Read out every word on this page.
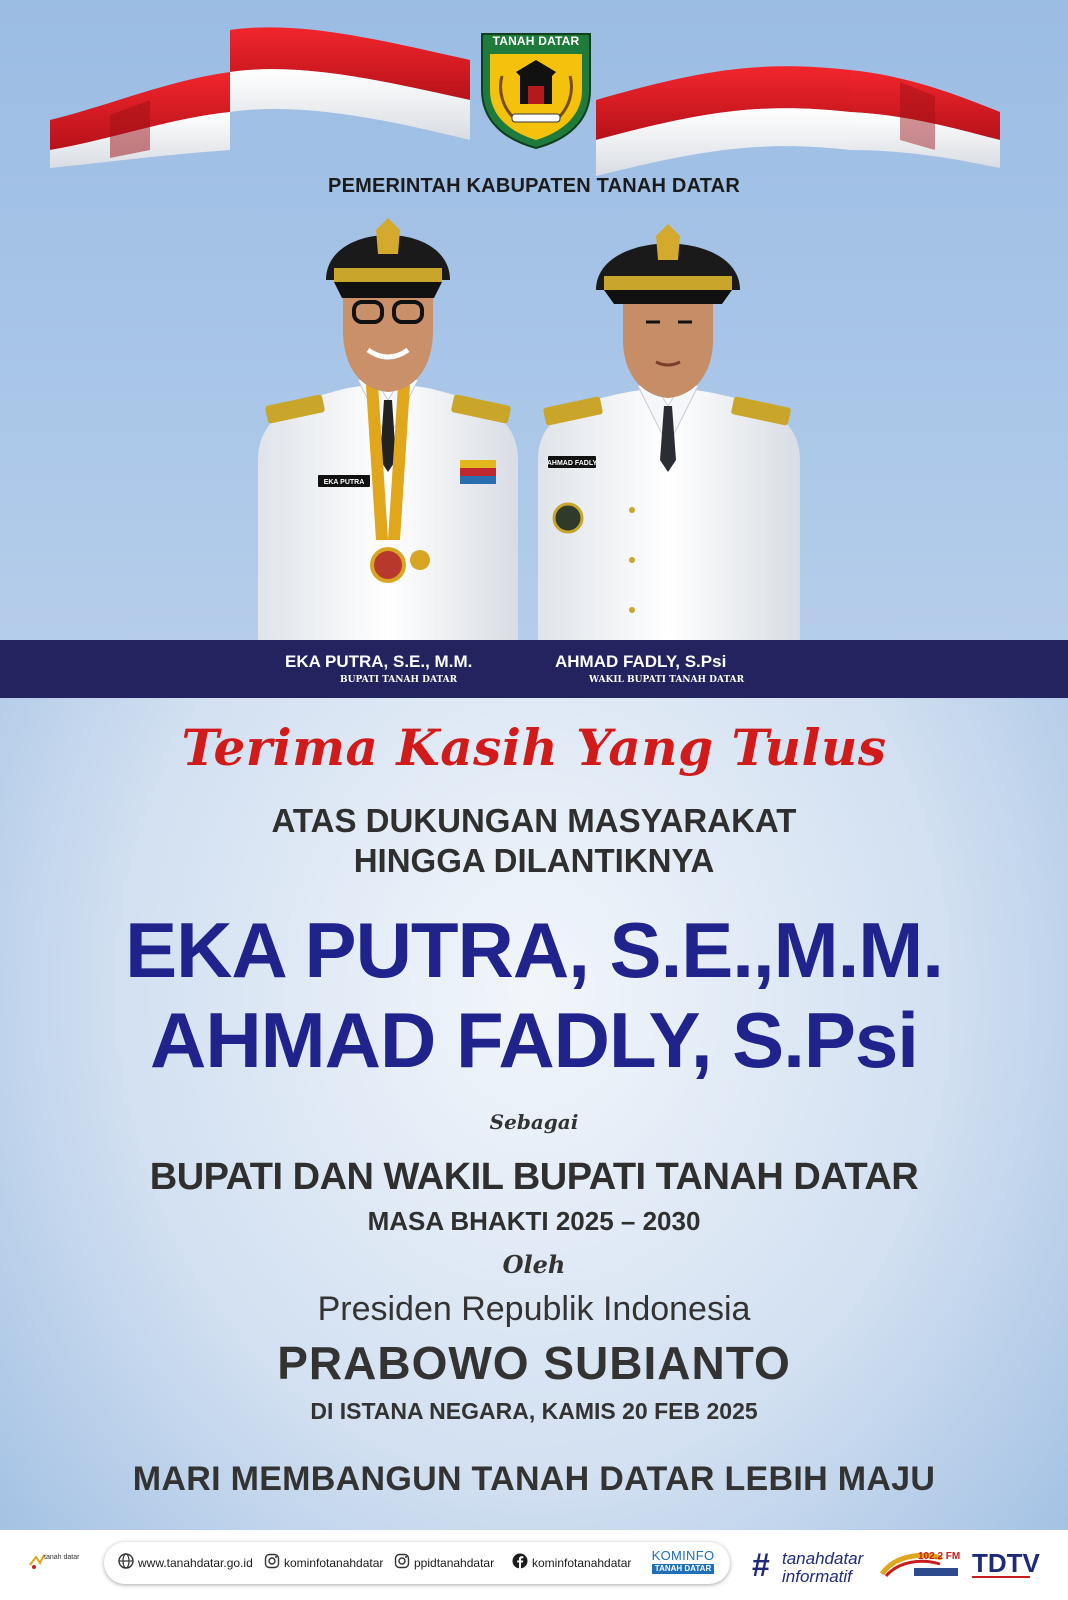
TANAH DATAR
PEMERINTAH KABUPATEN TANAH DATAR
EKA PUTRA
AHMAD FADLY
EKA PUTRA, S.E., M.M.
BUPATI TANAH DATAR
AHMAD FADLY, S.Psi
WAKIL BUPATI TANAH DATAR
Terima Kasih Yang Tulus
ATAS DUKUNGAN MASYARAKAT
HINGGA DILANTIKNYA
EKA PUTRA, S.E.,M.M.
AHMAD FADLY, S.Psi
Sebagai
BUPATI DAN WAKIL BUPATI TANAH DATAR
MASA BHAKTI 2025 – 2030
Oleh
Presiden Republik Indonesia
PRABOWO SUBIANTO
DI ISTANA NEGARA, KAMIS 20 FEB 2025
MARI MEMBANGUN TANAH DATAR LEBIH MAJU
tanah datar	www.tanahdatar.go.id	kominfotanahdatar	ppidtanahdatar	kominfotanahdatar	KOMINFO
TANAH DATAR # tanahdatar
informatif
102.2 FM TDTV
